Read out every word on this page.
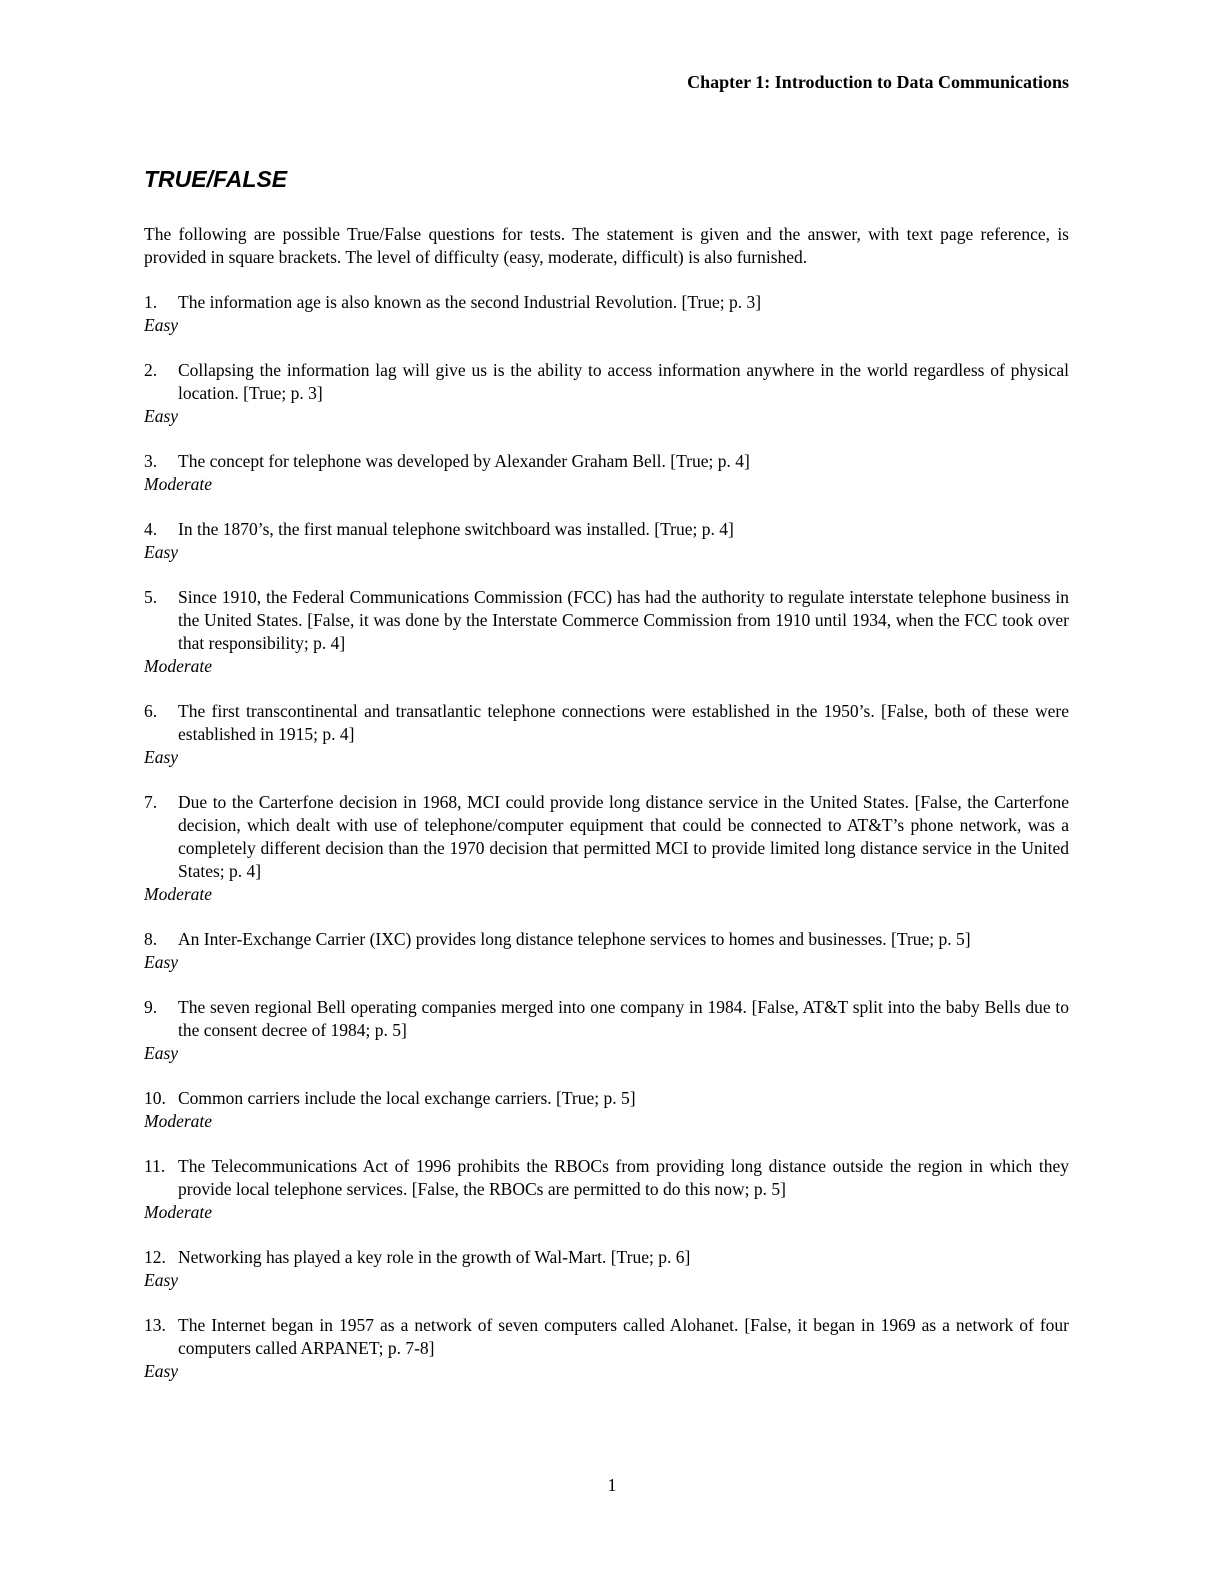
Chapter 1: Introduction to Data Communications
TRUE/FALSE

The following are possible True/False questions for tests. The statement is given and the answer, with text page reference, is provided in square brackets. The level of difficulty (easy, moderate, difficult) is also furnished.

1.	The information age is also known as the second Industrial Revolution. [True; p. 3]
Easy
2.	Collapsing the information lag will give us is the ability to access information anywhere in the world regardless of physical location. [True; p. 3]
Easy
3.	The concept for telephone was developed by Alexander Graham Bell. [True; p. 4]
Moderate
4.	In the 1870’s, the first manual telephone switchboard was installed. [True; p. 4]
Easy
5.	Since 1910, the Federal Communications Commission (FCC) has had the authority to regulate interstate telephone business in the United States. [False, it was done by the Interstate Commerce Commission from 1910 until 1934, when the FCC took over that responsibility; p. 4]
Moderate
6.	The first transcontinental and transatlantic telephone connections were established in the 1950’s. [False, both of these were established in 1915; p. 4]
Easy
7.	Due to the Carterfone decision in 1968, MCI could provide long distance service in the United States. [False, the Carterfone decision, which dealt with use of telephone/computer equipment that could be connected to AT&T’s phone network, was a completely different decision than the 1970 decision that permitted MCI to provide limited long distance service in the United States; p. 4]
Moderate
8.	An Inter-Exchange Carrier (IXC) provides long distance telephone services to homes and businesses. [True; p. 5]
Easy
9.	The seven regional Bell operating companies merged into one company in 1984. [False, AT&T split into the baby Bells due to the consent decree of 1984; p. 5]
Easy
10. Common carriers include the local exchange carriers. [True; p. 5]
Moderate
11. The Telecommunications Act of 1996 prohibits the RBOCs from providing long distance outside the region in which they provide local telephone services. [False, the RBOCs are permitted to do this now; p. 5]
Moderate
12. Networking has played a key role in the growth of Wal-Mart. [True; p. 6]
Easy
13. The Internet began in 1957 as a network of seven computers called Alohanet. [False, it began in 1969 as a network of four computers called ARPANET; p. 7-8]
Easy
1
